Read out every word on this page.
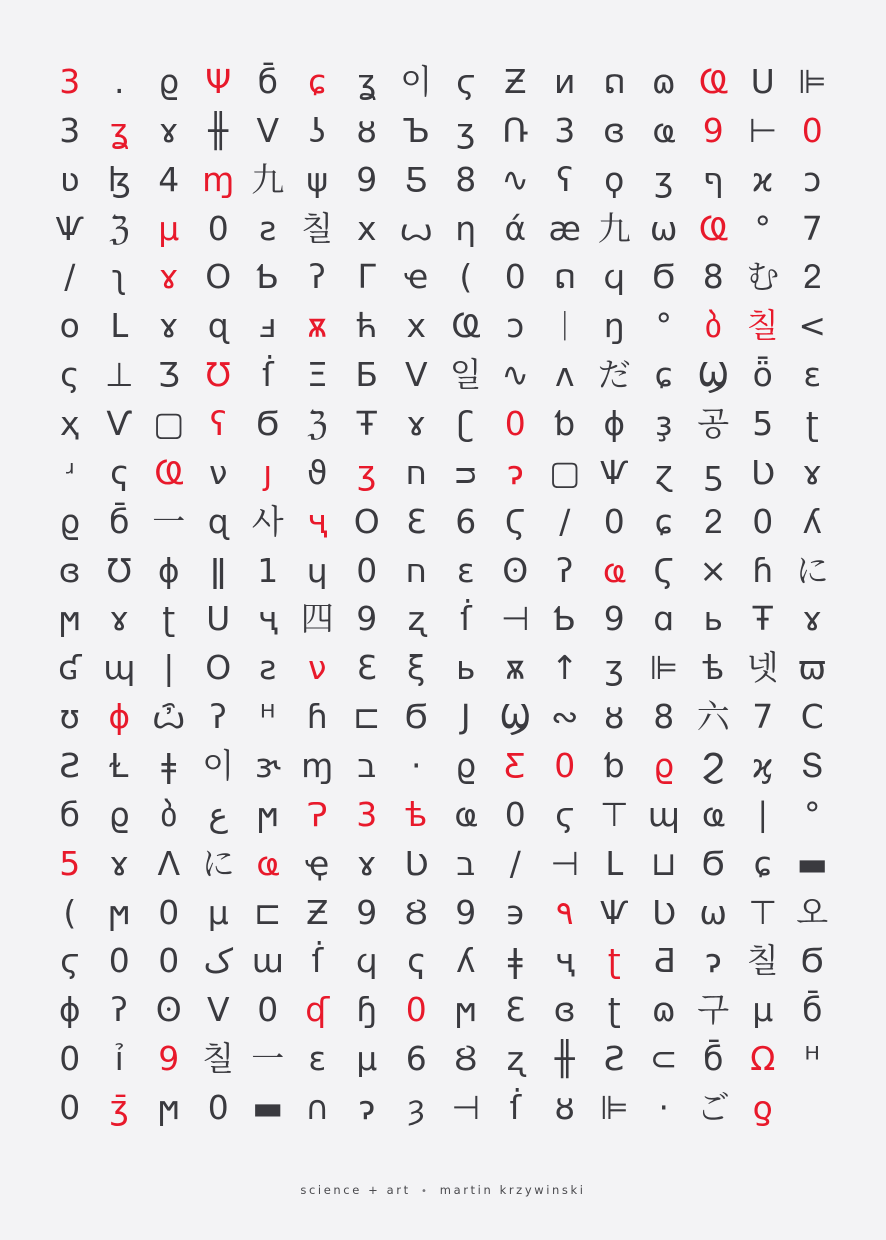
3 . ϱ Ψ б̄ ɕ ʓ 이 ϛ Ƶ и ດ ɷ Ҩ U ⊫
3 ʓ ɤ ╫ V ʖ ȣ Ъ ӡ Ռ 3 ɞ ҩ 9 ⊢ 0
ʋ ɮ 4 ɱ 九 ψ 9 Ƽ 8 ∿ ʕ ϙ ʒ ף ϰ ɔ
Ѱ ℨ μ 0 ƨ 칠 x ꙍ η ά ӕ 九 ω Ҩ ° 7
/ ʅ ɤ O Ƅ ʔ Γ ҽ ( 0 ດ ϥ Ϭ 8 む ᒿ
o Լ ɤ ɋ ⅎ ѫ ћ x Ҩ ɔ ᛁ ŋ ° ბ 칠 <
ς ⊥ Ӡ Ʊ ẛ Ξ Ƃ V 일 ∿ ʌ だ ɕ Ϣ ȫ ɛ
ҳ Ѵ ▢ ʕ Ϭ ℨ Ŧ ɤ ʗ 0 ƅ ϕ ҙ 공 5 ʈ
ʴ ҁ Ҩ ν ȷ ϑ ʒ ח ᴝ ɂ ▢ Ѱ ɀ ƽ Ʋ ɤ
ϱ б̄ 一 ɋ 사 ҷ O Ɛ 6 Ϛ / 0 ɕ ᒿ 0 ʎ
ɞ Ʊ ϕ ǁ 1 ɥ 0 ח ε ʘ ʔ ҩ Ϛ × ɦ に
ϻ ɤ ʈ U ҷ 四 9 ʐ ẛ ⊣ Ƅ 9 ɑ ь Ŧ ɤ
ʛ ɰ | O ƨ ν Ɛ ξ ь ѫ ↑ ʒ ⊫ ѣ 넷 ϖ
ʊ ϕ ѽ ʔ ᵸ ɦ ⊏ Ϭ J Ϣ ∾ ȣ 8 六 7 C
Ƨ Ɫ ǂ 이 ɝ ɱ ב · ϱ Ƹ 0 ƅ ϱ Ϩ ϗ Տ
б ϱ ბ ع ϻ Ɂ 3 ѣ ҩ 0 ϛ ⊤ ɰ ҩ ∣ °
5 ɤ Ʌ に ҩ ҿ ɤ Ʋ ב / ⊣ Լ ⊔ Ϭ ɕ ▬
( ϻ 0 μ ⊏ Ƶ 9 Ȣ 9 ϶ ۹ Ѱ Ʋ ω ⊤ 오
ϛ 0 0 ک ɯ ẛ ϥ ҁ ʎ ǂ ҷ ʈ Ƌ ɂ 칠 Ϭ
ϕ ʔ ʘ V 0 ʠ ɧ 0 ϻ Ɛ ɞ ʈ ɷ 구 μ б̄
0 ỉ 9 칠 一 ɛ μ 6 Ȣ ʐ ╫ Ƨ ⊂ б̄ Ω ᵸ
0 ӡ̄ ϻ 0 ▬ ∩ ɂ ȝ ⊣ ẛ ȣ ⊫ · ご ƍ
science + art • martin krzywinski
